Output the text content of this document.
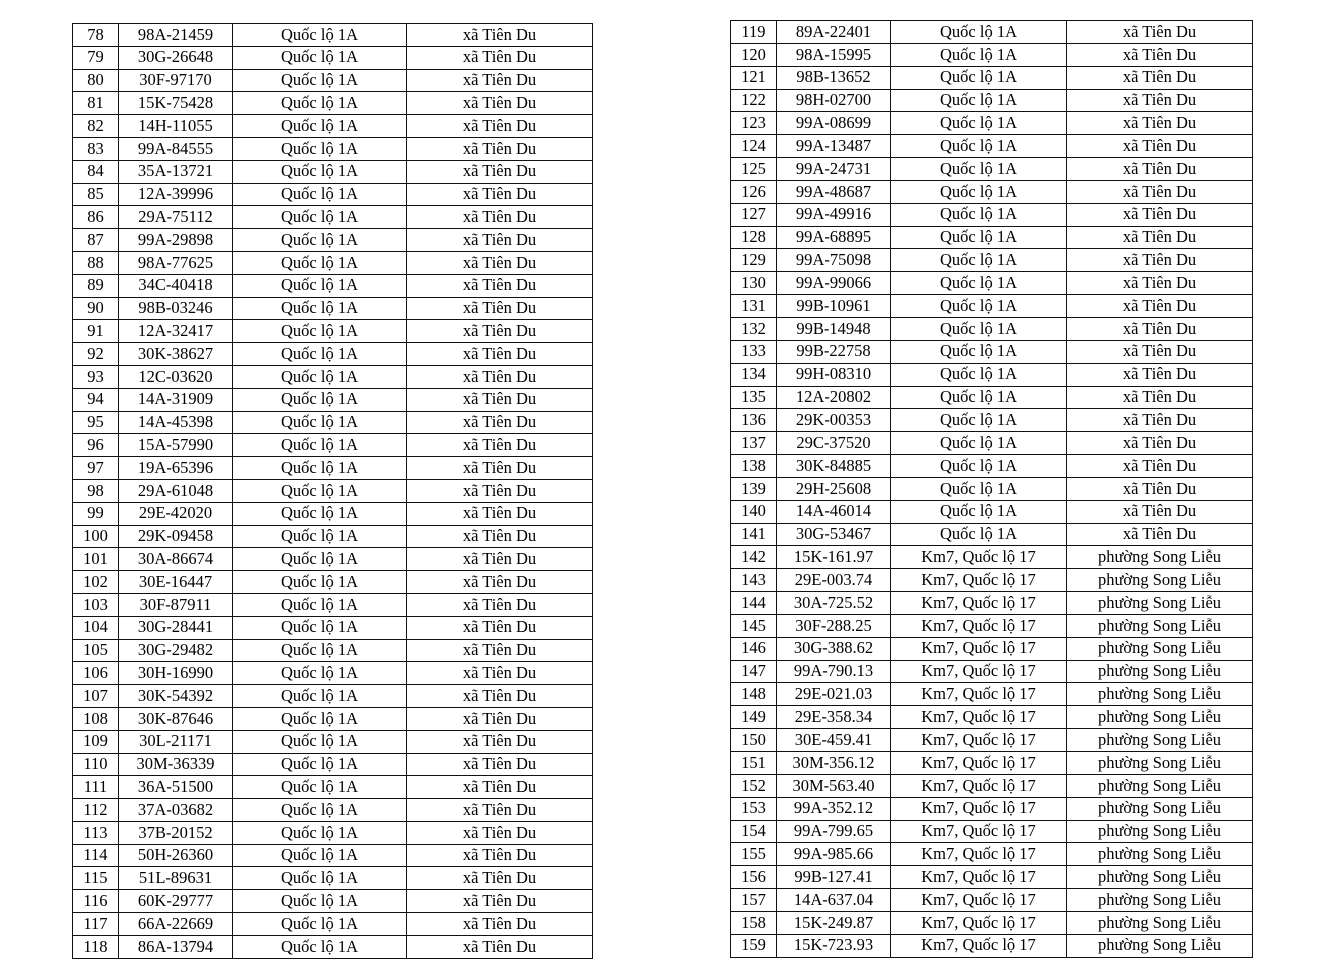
78	98A-21459	Quốc lộ 1A	xã Tiên Du
79	30G-26648	Quốc lộ 1A	xã Tiên Du
80	30F-97170	Quốc lộ 1A	xã Tiên Du
81	15K-75428	Quốc lộ 1A	xã Tiên Du
82	14H-11055	Quốc lộ 1A	xã Tiên Du
83	99A-84555	Quốc lộ 1A	xã Tiên Du
84	35A-13721	Quốc lộ 1A	xã Tiên Du
85	12A-39996	Quốc lộ 1A	xã Tiên Du
86	29A-75112	Quốc lộ 1A	xã Tiên Du
87	99A-29898	Quốc lộ 1A	xã Tiên Du
88	98A-77625	Quốc lộ 1A	xã Tiên Du
89	34C-40418	Quốc lộ 1A	xã Tiên Du
90	98B-03246	Quốc lộ 1A	xã Tiên Du
91	12A-32417	Quốc lộ 1A	xã Tiên Du
92	30K-38627	Quốc lộ 1A	xã Tiên Du
93	12C-03620	Quốc lộ 1A	xã Tiên Du
94	14A-31909	Quốc lộ 1A	xã Tiên Du
95	14A-45398	Quốc lộ 1A	xã Tiên Du
96	15A-57990	Quốc lộ 1A	xã Tiên Du
97	19A-65396	Quốc lộ 1A	xã Tiên Du
98	29A-61048	Quốc lộ 1A	xã Tiên Du
99	29E-42020	Quốc lộ 1A	xã Tiên Du
100	29K-09458	Quốc lộ 1A	xã Tiên Du
101	30A-86674	Quốc lộ 1A	xã Tiên Du
102	30E-16447	Quốc lộ 1A	xã Tiên Du
103	30F-87911	Quốc lộ 1A	xã Tiên Du
104	30G-28441	Quốc lộ 1A	xã Tiên Du
105	30G-29482	Quốc lộ 1A	xã Tiên Du
106	30H-16990	Quốc lộ 1A	xã Tiên Du
107	30K-54392	Quốc lộ 1A	xã Tiên Du
108	30K-87646	Quốc lộ 1A	xã Tiên Du
109	30L-21171	Quốc lộ 1A	xã Tiên Du
110	30M-36339	Quốc lộ 1A	xã Tiên Du
111	36A-51500	Quốc lộ 1A	xã Tiên Du
112	37A-03682	Quốc lộ 1A	xã Tiên Du
113	37B-20152	Quốc lộ 1A	xã Tiên Du
114	50H-26360	Quốc lộ 1A	xã Tiên Du
115	51L-89631	Quốc lộ 1A	xã Tiên Du
116	60K-29777	Quốc lộ 1A	xã Tiên Du
117	66A-22669	Quốc lộ 1A	xã Tiên Du
118	86A-13794	Quốc lộ 1A	xã Tiên Du
119	89A-22401	Quốc lộ 1A	xã Tiên Du
120	98A-15995	Quốc lộ 1A	xã Tiên Du
121	98B-13652	Quốc lộ 1A	xã Tiên Du
122	98H-02700	Quốc lộ 1A	xã Tiên Du
123	99A-08699	Quốc lộ 1A	xã Tiên Du
124	99A-13487	Quốc lộ 1A	xã Tiên Du
125	99A-24731	Quốc lộ 1A	xã Tiên Du
126	99A-48687	Quốc lộ 1A	xã Tiên Du
127	99A-49916	Quốc lộ 1A	xã Tiên Du
128	99A-68895	Quốc lộ 1A	xã Tiên Du
129	99A-75098	Quốc lộ 1A	xã Tiên Du
130	99A-99066	Quốc lộ 1A	xã Tiên Du
131	99B-10961	Quốc lộ 1A	xã Tiên Du
132	99B-14948	Quốc lộ 1A	xã Tiên Du
133	99B-22758	Quốc lộ 1A	xã Tiên Du
134	99H-08310	Quốc lộ 1A	xã Tiên Du
135	12A-20802	Quốc lộ 1A	xã Tiên Du
136	29K-00353	Quốc lộ 1A	xã Tiên Du
137	29C-37520	Quốc lộ 1A	xã Tiên Du
138	30K-84885	Quốc lộ 1A	xã Tiên Du
139	29H-25608	Quốc lộ 1A	xã Tiên Du
140	14A-46014	Quốc lộ 1A	xã Tiên Du
141	30G-53467	Quốc lộ 1A	xã Tiên Du
142	15K-161.97	Km7, Quốc lộ 17	phường Song Liễu
143	29E-003.74	Km7, Quốc lộ 17	phường Song Liễu
144	30A-725.52	Km7, Quốc lộ 17	phường Song Liễu
145	30F-288.25	Km7, Quốc lộ 17	phường Song Liễu
146	30G-388.62	Km7, Quốc lộ 17	phường Song Liễu
147	99A-790.13	Km7, Quốc lộ 17	phường Song Liễu
148	29E-021.03	Km7, Quốc lộ 17	phường Song Liễu
149	29E-358.34	Km7, Quốc lộ 17	phường Song Liễu
150	30E-459.41	Km7, Quốc lộ 17	phường Song Liễu
151	30M-356.12	Km7, Quốc lộ 17	phường Song Liễu
152	30M-563.40	Km7, Quốc lộ 17	phường Song Liễu
153	99A-352.12	Km7, Quốc lộ 17	phường Song Liễu
154	99A-799.65	Km7, Quốc lộ 17	phường Song Liễu
155	99A-985.66	Km7, Quốc lộ 17	phường Song Liễu
156	99B-127.41	Km7, Quốc lộ 17	phường Song Liễu
157	14A-637.04	Km7, Quốc lộ 17	phường Song Liễu
158	15K-249.87	Km7, Quốc lộ 17	phường Song Liễu
159	15K-723.93	Km7, Quốc lộ 17	phường Song Liễu
